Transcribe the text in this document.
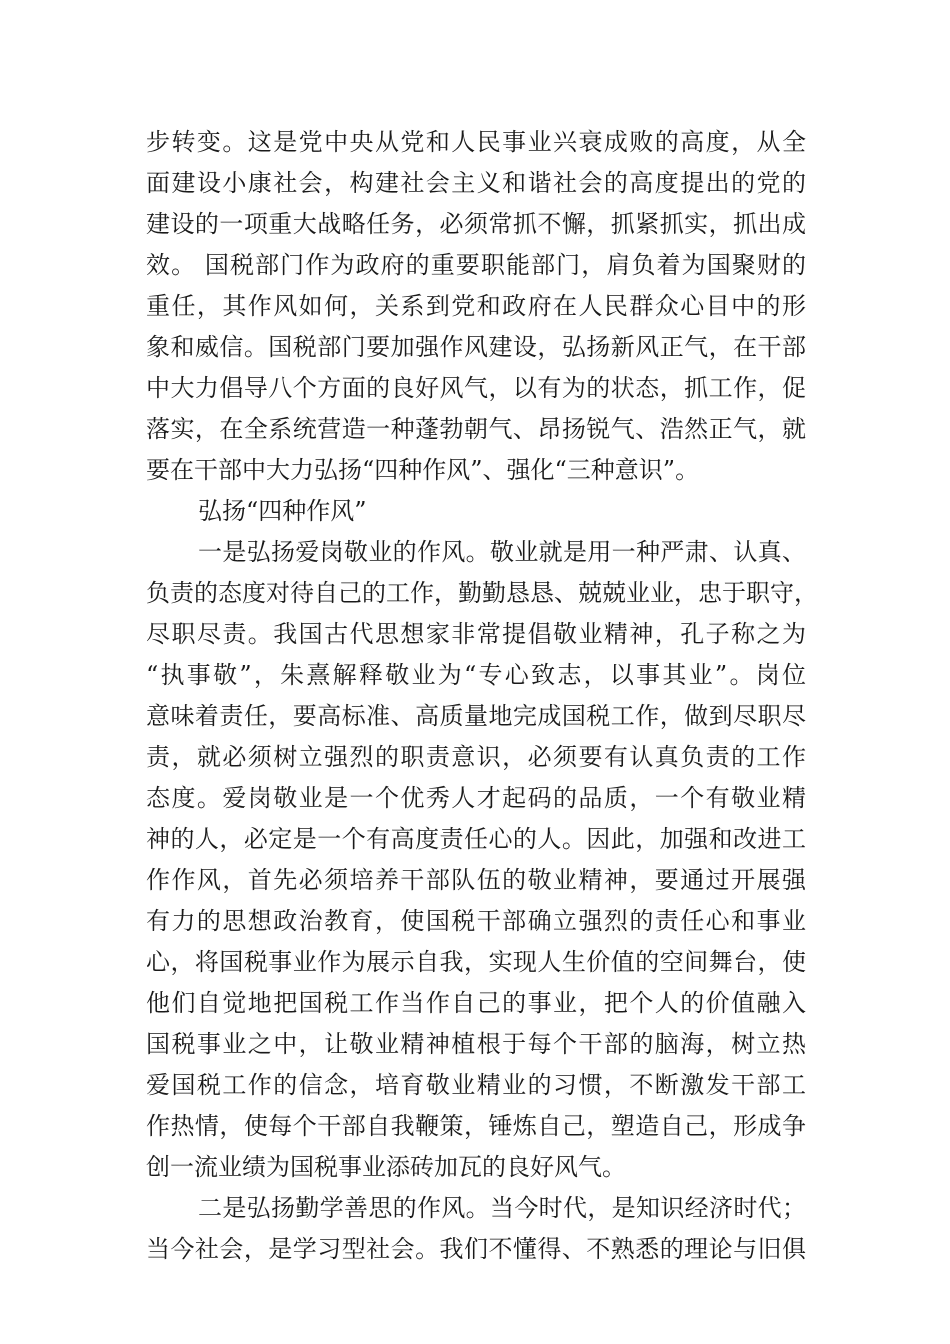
步转变。这是党中央从党和人民事业兴衰成败的高度，从全
面建设小康社会，构建社会主义和谐社会的高度提出的党的
建设的一项重大战略任务，必须常抓不懈，抓紧抓实，抓出成
效。 国税部门作为政府的重要职能部门，肩负着为国聚财的
重任，其作风如何，关系到党和政府在人民群众心目中的形
象和威信。国税部门要加强作风建设，弘扬新风正气，在干部
中大力倡导八个方面的良好风气，以有为的状态，抓工作，促
落实，在全系统营造一种蓬勃朝气、昂扬锐气、浩然正气，就
要在干部中大力弘扬“四种作风”、强化“三种意识”。
弘扬“四种作风”
一是弘扬爱岗敬业的作风。敬业就是用一种严肃、认真、
负责的态度对待自己的工作，勤勤恳恳、兢兢业业，忠于职守，
尽职尽责。我国古代思想家非常提倡敬业精神，孔子称之为
“执事敬”，朱熹解释敬业为“专心致志，以事其业”。岗位
意味着责任，要高标准、高质量地完成国税工作，做到尽职尽
责，就必须树立强烈的职责意识，必须要有认真负责的工作
态度。爱岗敬业是一个优秀人才起码的品质，一个有敬业精
神的人，必定是一个有高度责任心的人。因此，加强和改进工
作作风，首先必须培养干部队伍的敬业精神，要通过开展强
有力的思想政治教育，使国税干部确立强烈的责任心和事业
心，将国税事业作为展示自我，实现人生价值的空间舞台，使
他们自觉地把国税工作当作自己的事业，把个人的价值融入
国税事业之中，让敬业精神植根于每个干部的脑海，树立热
爱国税工作的信念，培育敬业精业的习惯，不断激发干部工
作热情，使每个干部自我鞭策，锤炼自己，塑造自己，形成争
创一流业绩为国税事业添砖加瓦的良好风气。
二是弘扬勤学善思的作风。当今时代，是知识经济时代；
当今社会，是学习型社会。我们不懂得、不熟悉的理论与旧俱
